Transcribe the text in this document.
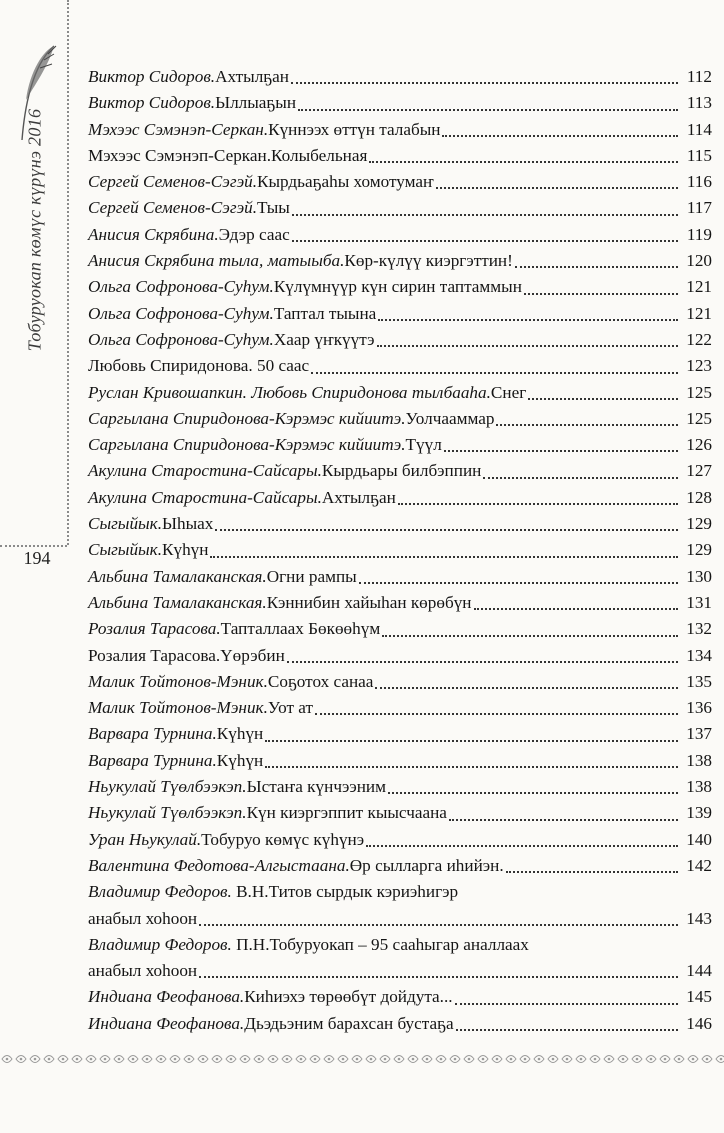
Тобуруокап көмүс күрүнэ 2016
194
Виктор Сидоров. Ахтылҕан	112
Виктор Сидоров. Ыллыаҕын	113
Мэхээс Сэмэнэп-Серкан. Күннээх өттүн талабын	114
Мэхээс Сэмэнэп-Серкан. Колыбельная	115
Сергей Семенов-Сэгэй. Кырдьаҕаһы хомотумаҥ	116
Сергей Семенов-Сэгэй. Тыы	117
Анисия Скрябина. Эдэр саас	119
Анисия Скрябина тыла, матыыба. Көр-күлүү киэргэттин!	120
Ольга Софронова-Суһум. Күлүмнүүр күн сирин таптаммын	121
Ольга Софронова-Суһум. Таптал тыына	121
Ольга Софронова-Суһум. Хаар үҥкүүтэ	122
Любовь Спиридонова. 50 саас	123
Руслан Кривошапкин. Любовь Спиридонова тылбааһа. Снег	125
Саргылана Спиридонова-Кэрэмэс кийиитэ. Уолчааммар	125
Саргылана Спиридонова-Кэрэмэс кийиитэ. Түүл	126
Акулина Старостина-Сайсары. Кырдьары билбэппин	127
Акулина Старостина-Сайсары. Ахтылҕан	128
Сыгыйык. Ыһыах	129
Сыгыйык. Күһүн	129
Альбина Тамалаканская. Огни рампы	130
Альбина Тамалаканская. Кэннибин хайыһан көрөбүн	131
Розалия Тарасова. Тапталлаах Бөкөөһүм	132
Розалия Тарасова.Үөрэбин	134
Малик Тойтонов-Мэник. Соҕотох санаа	135
Малик Тойтонов-Мэник. Уот ат	136
Варвара Турнина. Күһүн	137
Варвара Турнина. Күһүн	138
Ньукулай Түөлбээкэп. Ыстаҥа күнчээним	138
Ньукулай Түөлбээкэп. Күн киэргэппит кыысчаана	139
Уран Ньукулай. Тобуруо көмүс күһүнэ	140
Валентина Федотова-Алгыстаана. Өр сылларга иһийэн.	142
Владимир Федоров. В.Н.Титов сырдык кэриэһигэр
анабыл хоһоон	143
Владимир Федоров. П.Н.Тобуруокап – 95 сааһыгар аналлаах
анабыл хоһоон	144
Индиана Феофанова. Киһиэхэ төрөөбүт дойдута...	145
Индиана Феофанова. Дьэдьэним барахсан бустаҕа	146
